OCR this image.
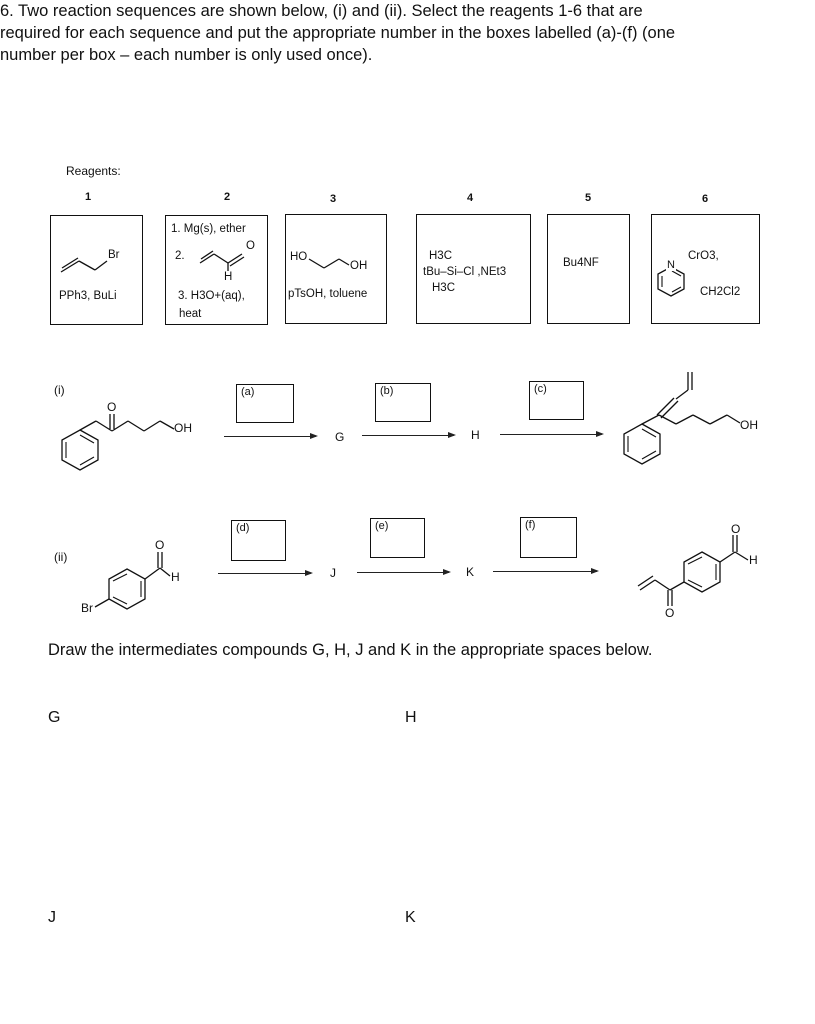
6. Two reaction sequences are shown below, (i) and (ii). Select the reagents 1-6 that are
required for each sequence and put the appropriate number in the boxes labelled (a)-(f) (one
number per box – each number is only used once).
Reagents:
1	2	3	4	5	6
Br
PPh3, BuLi
1. Mg(s), ether
2.
O
H
3. H3O+(aq),
heat
HO
OH
pTsOH, toluene
H3C
tBu–Si–Cl ,NEt3
H3C
Bu4NF	N
CrO3,
CH2Cl2
(i)
O
OH
(a)
G
(b)
H
(c)
OH
(ii)
O
H
Br
(d)
J
(e)
K
(f)	O
H
O
Draw the intermediates compounds G, H, J and K in the appropriate spaces below.
G	H
J	K
